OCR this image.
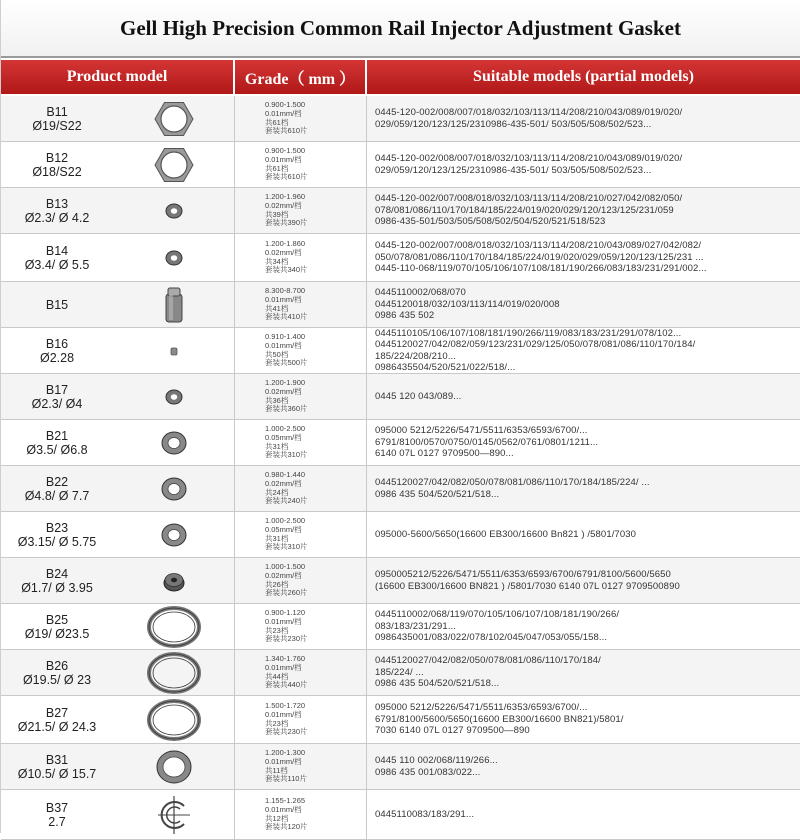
Gell High Precision Common Rail Injector Adjustment Gasket
Product model	Grade（ mm ）	Suitable models (partial models)
B11
Ø19/S22
0.900-1.500
0.01mm/档
共61档
套装共610片
0445-120-002/008/007/018/032/103/113/114/208/210/043/089/019/020/
029/059/120/123/125/2310986-435-501/ 503/505/508/502/523...
B12
Ø18/S22
0.900-1.500
0.01mm/档
共61档
套装共610片
0445-120-002/008/007/018/032/103/113/114/208/210/043/089/019/020/
029/059/120/123/125/2310986-435-501/ 503/505/508/502/523...
B13
Ø2.3/ Ø 4.2
1.200-1.960
0.02mm/档
共39档
套装共390片
0445-120-002/007/008/018/032/103/113/114/208/210/027/042/082/050/
078/081/086/110/170/184/185/224/019/020/029/120/123/125/231/059
0986-435-501/503/505/508/502/504/520/521/518/523
B14
Ø3.4/ Ø 5.5
1.200-1.860
0.02mm/档
共34档
套装共340片
0445-120-002/007/008/018/032/103/113/114/208/210/043/089/027/042/082/
050/078/081/086/110/170/184/185/224/019/020/029/059/120/123/125/231 ...
0445-110-068/119/070/105/106/107/108/181/190/266/083/183/231/291/002...
B15
8.300-8.700
0.01mm/档
共41档
套装共410片
0445110002/068/070
0445120018/032/103/113/114/019/020/008
0986 435 502
B16
Ø2.28
0.910-1.400
0.01mm/档
共50档
套装共500片
0445110105/106/107/108/181/190/266/119/083/183/231/291/078/102...
0445120027/042/082/059/123/231/029/125/050/078/081/086/110/170/184/
185/224/208/210...
0986435504/520/521/022/518/...
B17
Ø2.3/ Ø4
1.200-1.900
0.02mm/档
共36档
套装共360片
0445 120 043/089...
B21
Ø3.5/ Ø6.8
1.000-2.500
0.05mm/档
共31档
套装共310片
095000 5212/5226/5471/5511/6353/6593/6700/...
6791/8100/0570/0750/0145/0562/0761/0801/1211...
6140 07L 0127 9709500—890...
B22
Ø4.8/ Ø 7.7
0.980-1.440
0.02mm/档
共24档
套装共240片
0445120027/042/082/050/078/081/086/110/170/184/185/224/ ...
0986 435 504/520/521/518...
B23
Ø3.15/ Ø 5.75
1.000-2.500
0.05mm/档
共31档
套装共310片
095000-5600/5650(16600 EB300/16600 Bn821 ) /5801/7030
B24
Ø1.7/ Ø 3.95
1.000-1.500
0.02mm/档
共26档
套装共260片
0950005212/5226/5471/5511/6353/6593/6700/6791/8100/5600/5650
(16600 EB300/16600 BN821 ) /5801/7030 6140 07L 0127 9709500890
B25
Ø19/ Ø23.5
0.900-1.120
0.01mm/档
共23档
套装共230片
0445110002/068/119/070/105/106/107/108/181/190/266/
083/183/231/291...
0986435001/083/022/078/102/045/047/053/055/158...
B26
Ø19.5/ Ø 23
1.340-1.760
0.01mm/档
共44档
套装共440片
0445120027/042/082/050/078/081/086/110/170/184/
185/224/ ...
0986 435 504/520/521/518...
B27
Ø21.5/ Ø 24.3
1.500-1.720
0.01mm/档
共23档
套装共230片
095000 5212/5226/5471/5511/6353/6593/6700/...
6791/8100/5600/5650(16600 EB300/16600 BN821)/5801/
7030 6140 07L 0127 9709500—890
B31
Ø10.5/ Ø 15.7
1.200-1.300
0.01mm/档
共11档
套装共110片
0445 110 002/068/119/266...
0986 435 001/083/022...
B37
2.7
1.155-1.265
0.01mm/档
共12档
套装共120片
0445110083/183/291...
